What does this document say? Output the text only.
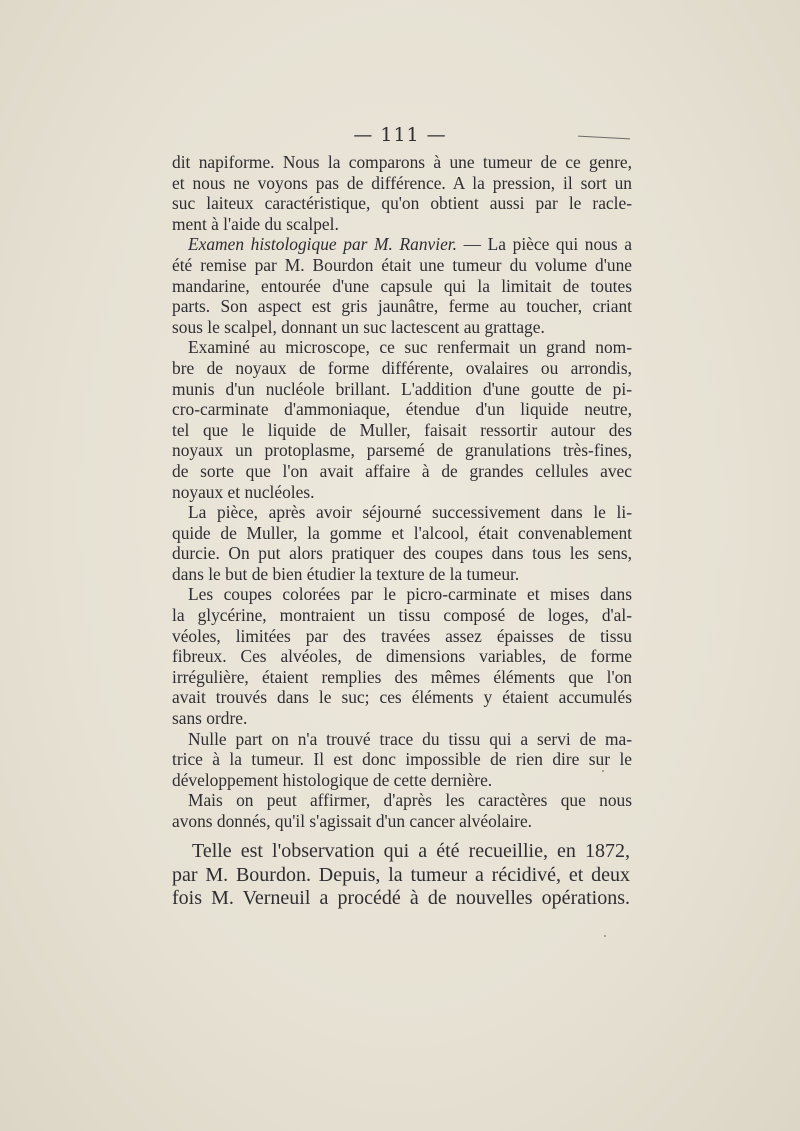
— 111 —
dit napiforme. Nous la comparons à une tumeur de ce genre,
et nous ne voyons pas de différence. A la pression, il sort un
suc laiteux caractéristique, qu'on obtient aussi par le racle-
ment à l'aide du scalpel.
Examen histologique par M. Ranvier. — La pièce qui nous a
été remise par M. Bourdon était une tumeur du volume d'une
mandarine, entourée d'une capsule qui la limitait de toutes
parts. Son aspect est gris jaunâtre, ferme au toucher, criant
sous le scalpel, donnant un suc lactescent au grattage.
Examiné au microscope, ce suc renfermait un grand nom-
bre de noyaux de forme différente, ovalaires ou arrondis,
munis d'un nucléole brillant. L'addition d'une goutte de pi-
cro-carminate d'ammoniaque, étendue d'un liquide neutre,
tel que le liquide de Muller, faisait ressortir autour des
noyaux un protoplasme, parsemé de granulations très-fines,
de sorte que l'on avait affaire à de grandes cellules avec
noyaux et nucléoles.
La pièce, après avoir séjourné successivement dans le li-
quide de Muller, la gomme et l'alcool, était convenablement
durcie. On put alors pratiquer des coupes dans tous les sens,
dans le but de bien étudier la texture de la tumeur.
Les coupes colorées par le picro-carminate et mises dans
la glycérine, montraient un tissu composé de loges, d'al-
véoles, limitées par des travées assez épaisses de tissu
fibreux. Ces alvéoles, de dimensions variables, de forme
irrégulière, étaient remplies des mêmes éléments que l'on
avait trouvés dans le suc; ces éléments y étaient accumulés
sans ordre.
Nulle part on n'a trouvé trace du tissu qui a servi de ma-
trice à la tumeur. Il est donc impossible de rien dire sur le
développement histologique de cette dernière.
Mais on peut affirmer, d'après les caractères que nous
avons donnés, qu'il s'agissait d'un cancer alvéolaire.
Telle est l'observation qui a été recueillie, en 1872,
par M. Bourdon. Depuis, la tumeur a récidivé, et deux
fois M. Verneuil a procédé à de nouvelles opérations.
